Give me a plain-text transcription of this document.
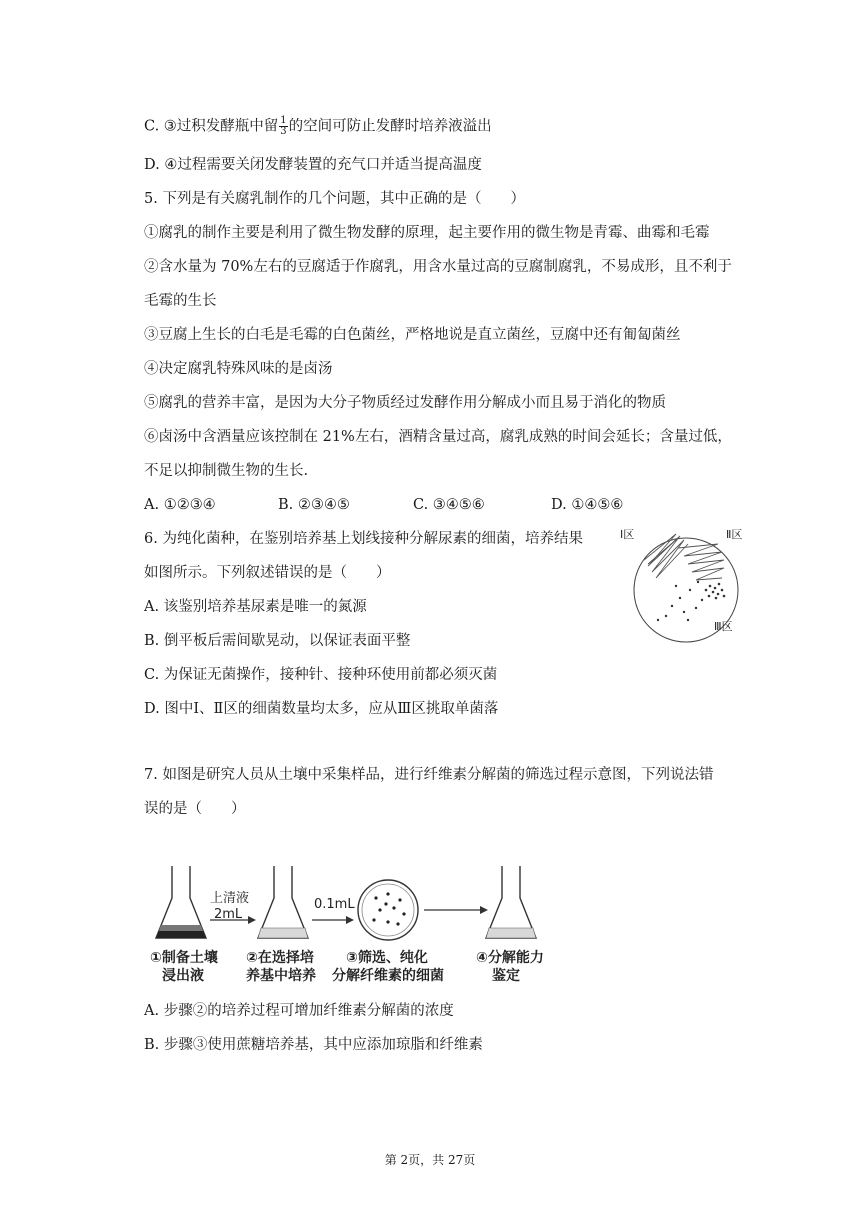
C. ③过积发酵瓶中留 $\frac{1}{3}$ 的空间可防止发酵时培养液溢出
D. ④过程需要关闭发酵装置的充气口并适当提高温度
5. 下列是有关腐乳制作的几个问题，其中正确的是（　　）
①腐乳的制作主要是利用了微生物发酵的原理，起主要作用的微生物是青霉、曲霉和毛霉
②含水量为 70%左右的豆腐适于作腐乳，用含水量过高的豆腐制腐乳，不易成形，且不利于
毛霉的生长
③豆腐上生长的白毛是毛霉的白色菌丝，严格地说是直立菌丝，豆腐中还有匍匐菌丝
④决定腐乳特殊风味的是卤汤
⑤腐乳的营养丰富，是因为大分子物质经过发酵作用分解成小而且易于消化的物质
⑥卤汤中含酒量应该控制在 21%左右，酒精含量过高，腐乳成熟的时间会延长；含量过低，
不足以抑制微生物的生长.
A. ①②③④	B. ②③④⑤	C. ③④⑤⑥	D. ①④⑤⑥
6. 为纯化菌种，在鉴别培养基上划线接种分解尿素的细菌，培养结果
如图所示。下列叙述错误的是（　　）
A. 该鉴别培养基尿素是唯一的氮源
B. 倒平板后需间歇晃动，以保证表面平整
C. 为保证无菌操作，接种针、接种环使用前都必须灭菌
D. 图中Ⅰ、Ⅱ区的细菌数量均太多，应从Ⅲ区挑取单菌落
Ⅰ区	Ⅱ区
Ⅲ区
7. 如图是研究人员从土壤中采集样品，进行纤维素分解菌的筛选过程示意图，下列说法错
误的是（　　）
上清液
2mL
0.1mL
①制备土壤
浸出液
②在选择培
养基中培养
③筛选、纯化
分解纤维素的细菌
④分解能力
鉴定
A. 步骤②的培养过程可增加纤维素分解菌的浓度
B. 步骤③使用蔗糖培养基，其中应添加琼脂和纤维素
第 2页，共 27页
